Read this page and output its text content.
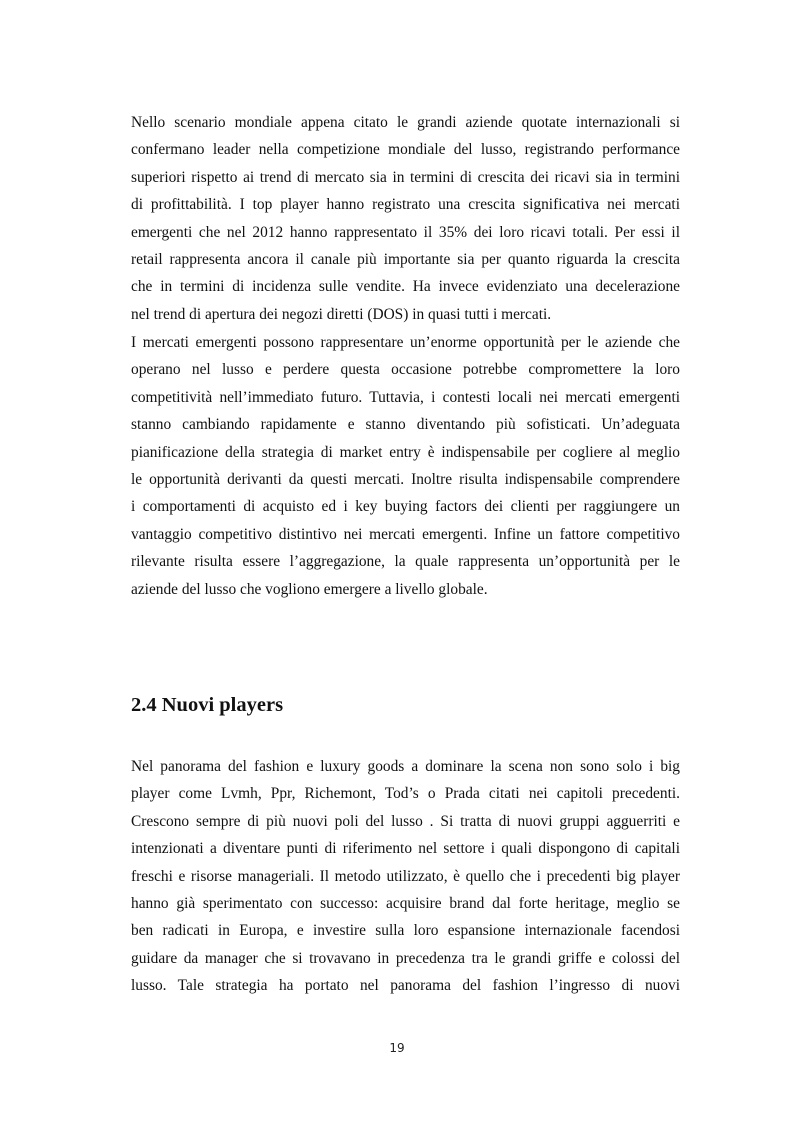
Nello scenario mondiale appena citato le grandi aziende quotate internazionali si
confermano leader nella competizione mondiale del lusso, registrando performance
superiori rispetto ai trend di mercato sia in termini di crescita dei ricavi sia in termini
di profittabilità. I top player hanno registrato una crescita significativa nei mercati
emergenti che nel 2012 hanno rappresentato il 35% dei loro ricavi totali. Per essi il
retail rappresenta ancora il canale più importante sia per quanto riguarda la crescita
che in termini di incidenza sulle vendite. Ha invece evidenziato una decelerazione
nel trend di apertura dei negozi diretti (DOS) in quasi tutti i mercati.

I mercati emergenti possono rappresentare un’enorme opportunità per le aziende che
operano nel lusso e perdere questa occasione potrebbe compromettere la loro
competitività nell’immediato futuro. Tuttavia, i contesti locali nei mercati emergenti
stanno cambiando rapidamente e stanno diventando più sofisticati. Un’adeguata
pianificazione della strategia di market entry è indispensabile per cogliere al meglio
le opportunità derivanti da questi mercati. Inoltre risulta indispensabile comprendere
i comportamenti di acquisto ed i key buying factors dei clienti per raggiungere un
vantaggio competitivo distintivo nei mercati emergenti. Infine un fattore competitivo
rilevante risulta essere l’aggregazione, la quale rappresenta un’opportunità per le
aziende del lusso che vogliono emergere a livello globale.

2.4 Nuovi players

Nel panorama del fashion e luxury goods a dominare la scena non sono solo i big
player come Lvmh, Ppr, Richemont, Tod’s o Prada citati nei capitoli precedenti.
Crescono sempre di più nuovi poli del lusso . Si tratta di nuovi gruppi agguerriti e
intenzionati a diventare punti di riferimento nel settore i quali dispongono di capitali
freschi e risorse manageriali. Il metodo utilizzato, è quello che i precedenti big player
hanno già sperimentato con successo: acquisire brand dal forte heritage, meglio se
ben radicati in Europa, e investire sulla loro espansione internazionale facendosi
guidare da manager che si trovavano in precedenza tra le grandi griffe e colossi del
lusso. Tale strategia ha portato nel panorama del fashion l’ingresso di nuovi

19
